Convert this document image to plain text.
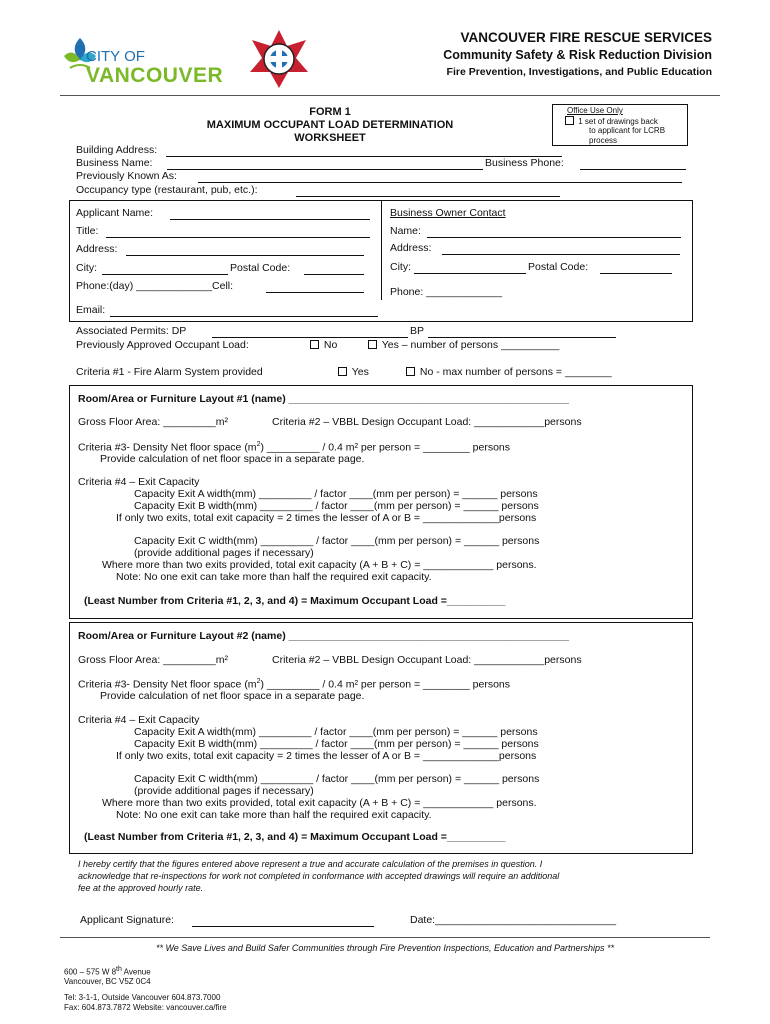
CITY OF
VANCOUVER
VANCOUVER FIRE RESCUE SERVICES
Community Safety & Risk Reduction Division
Fire Prevention, Investigations, and Public Education
Office Use Only
1 set of drawings back
to applicant for LCRB
process
FORM 1
MAXIMUM OCCUPANT LOAD DETERMINATION
WORKSHEET
Building Address:
Business Name:	Business Phone:
Previously Known As:
Occupancy type (restaurant, pub, etc.):
Applicant Name:
Title:
Address:
City:	Postal Code:
Phone:(day) _____________Cell:
Email:
Business Owner Contact
Name:
Address:
City:	Postal Code:
Phone: _____________
Associated Permits: DP	BP
Previously Approved Occupant Load:	No	Yes – number of persons __________
Criteria #1 - Fire Alarm System provided	Yes	No - max number of persons = ________
Room/Area or Furniture Layout #1 (name) ________________________________________________
Gross Floor Area: _________m²	Criteria #2 – VBBL Design Occupant Load: ____________persons
Criteria #3- Density Net floor space $(m^2)$ _________ / 0.4 m² per person = ________ persons
Provide calculation of net floor space in a separate page.
Criteria #4 – Exit Capacity
Capacity Exit A width(mm) _________ / factor ____(mm per person) = ______ persons
Capacity Exit B width(mm) _________ / factor ____(mm per person) = ______ persons
If only two exits, total exit capacity = 2 times the lesser of A or B = _____________persons
Capacity Exit C width(mm) _________ / factor ____(mm per person) = ______ persons
(provide additional pages if necessary)
Where more than two exits provided, total exit capacity (A + B + C) = ____________ persons.
Note: No one exit can take more than half the required exit capacity.
(Least Number from Criteria #1, 2, 3, and 4) = Maximum Occupant Load =__________
Room/Area or Furniture Layout #2 (name) ________________________________________________
Gross Floor Area: _________m²	Criteria #2 – VBBL Design Occupant Load: ____________persons
Criteria #3- Density Net floor space $(m^2)$ _________ / 0.4 m² per person = ________ persons
Provide calculation of net floor space in a separate page.
Criteria #4 – Exit Capacity
Capacity Exit A width(mm) _________ / factor ____(mm per person) = ______ persons
Capacity Exit B width(mm) _________ / factor ____(mm per person) = ______ persons
If only two exits, total exit capacity = 2 times the lesser of A or B = _____________persons
Capacity Exit C width(mm) _________ / factor ____(mm per person) = ______ persons
(provide additional pages if necessary)
Where more than two exits provided, total exit capacity (A + B + C) = ____________ persons.
Note: No one exit can take more than half the required exit capacity.
(Least Number from Criteria #1, 2, 3, and 4) = Maximum Occupant Load =__________
I hereby certify that the figures entered above represent a true and accurate calculation of the premises in question. I
acknowledge that re-inspections for work not completed in conformance with accepted drawings will require an additional
fee at the approved hourly rate.
Applicant Signature:	Date:_______________________________
** We Save Lives and Build Safer Communities through Fire Prevention Inspections, Education and Partnerships **
600 – 575 W 8th Avenue
Vancouver, BC V5Z 0C4
Tel: 3-1-1, Outside Vancouver 604.873.7000
Fax: 604.873.7872 Website: vancouver.ca/fire
